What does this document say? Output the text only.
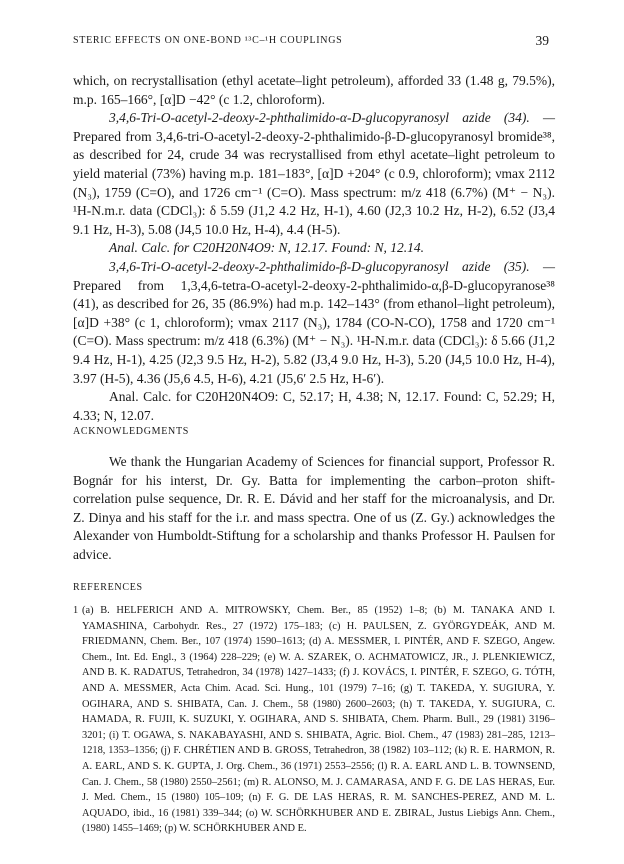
STERIC EFFECTS ON ONE-BOND ¹³C–¹H COUPLINGS	39

which, on recrystallisation (ethyl acetate–light petroleum), afforded 33 (1.48 g, 79.5%), m.p. 165–166°, [α]D −42° (c 1.2, chloroform).

3,4,6-Tri-O-acetyl-2-deoxy-2-phthalimido-α-D-glucopyranosyl azide (34). — Prepared from 3,4,6-tri-O-acetyl-2-deoxy-2-phthalimido-β-D-glucopyranosyl bromide³⁸, as described for 24, crude 34 was recrystallised from ethyl acetate–light petroleum to yield material (73%) having m.p. 181–183°, [α]D +204° (c 0.9, chloroform); νmax 2112 (N₃), 1759 (C=O), and 1726 cm⁻¹ (C=O). Mass spectrum: m/z 418 (6.7%) (M⁺ − N₃). ¹H-N.m.r. data (CDCl₃): δ 5.59 (J1,2 4.2 Hz, H-1), 4.60 (J2,3 10.2 Hz, H-2), 6.52 (J3,4 9.1 Hz, H-3), 5.08 (J4,5 10.0 Hz, H-4), 4.4 (H-5).

Anal. Calc. for C20H20N4O9: N, 12.17. Found: N, 12.14.

3,4,6-Tri-O-acetyl-2-deoxy-2-phthalimido-β-D-glucopyranosyl azide (35). — Prepared from 1,3,4,6-tetra-O-acetyl-2-deoxy-2-phthalimido-α,β-D-glucopyranose³⁸ (41), as described for 26, 35 (86.9%) had m.p. 142–143° (from ethanol–light petroleum), [α]D +38° (c 1, chloroform); νmax 2117 (N₃), 1784 (CO-N-CO), 1758 and 1720 cm⁻¹ (C=O). Mass spectrum: m/z 418 (6.3%) (M⁺ − N₃). ¹H-N.m.r. data (CDCl₃): δ 5.66 (J1,2 9.4 Hz, H-1), 4.25 (J2,3 9.5 Hz, H-2), 5.82 (J3,4 9.0 Hz, H-3), 5.20 (J4,5 10.0 Hz, H-4), 3.97 (H-5), 4.36 (J5,6 4.5, H-6), 4.21 (J5,6′ 2.5 Hz, H-6′).

Anal. Calc. for C20H20N4O9: C, 52.17; H, 4.38; N, 12.17. Found: C, 52.29; H, 4.33; N, 12.07.

ACKNOWLEDGMENTS

We thank the Hungarian Academy of Sciences for financial support, Professor R. Bognár for his interst, Dr. Gy. Batta for implementing the carbon–proton shift-correlation pulse sequence, Dr. R. E. Dávid and her staff for the microanalysis, and Dr. Z. Dinya and his staff for the i.r. and mass spectra. One of us (Z. Gy.) acknowledges the Alexander von Humboldt-Stiftung for a scholarship and thanks Professor H. Paulsen for advice.

REFERENCES
1 (a) B. HELFERICH AND A. MITROWSKY, Chem. Ber., 85 (1952) 1–8; (b) M. TANAKA AND I. YAMASHINA, Carbohydr. Res., 27 (1972) 175–183; (c) H. PAULSEN, Z. GYÖRGYDEÁK, AND M. FRIEDMANN, Chem. Ber., 107 (1974) 1590–1613; (d) A. MESSMER, I. PINTÉR, AND F. SZEGO, Angew. Chem., Int. Ed. Engl., 3 (1964) 228–229; (e) W. A. SZAREK, O. ACHMATOWICZ, JR., J. PLENKIEWICZ, AND B. K. RADATUS, Tetrahedron, 34 (1978) 1427–1433; (f) J. KOVÁCS, I. PINTÉR, F. SZEGO, G. TÓTH, AND A. MESSMER, Acta Chim. Acad. Sci. Hung., 101 (1979) 7–16; (g) T. TAKEDA, Y. SUGIURA, Y. OGIHARA, AND S. SHIBATA, Can. J. Chem., 58 (1980) 2600–2603; (h) T. TAKEDA, Y. SUGIURA, C. HAMADA, R. FUJII, K. SUZUKI, Y. OGIHARA, AND S. SHIBATA, Chem. Pharm. Bull., 29 (1981) 3196–3201; (i) T. OGAWA, S. NAKABAYASHI, AND S. SHIBATA, Agric. Biol. Chem., 47 (1983) 281–285, 1213–1218, 1353–1356; (j) F. CHRÉTIEN AND B. GROSS, Tetrahedron, 38 (1982) 103–112; (k) R. E. HARMON, R. A. EARL, AND S. K. GUPTA, J. Org. Chem., 36 (1971) 2553–2556; (l) R. A. EARL AND L. B. TOWNSEND, Can. J. Chem., 58 (1980) 2550–2561; (m) R. ALONSO, M. J. CAMARASA, AND F. G. DE LAS HERAS, Eur. J. Med. Chem., 15 (1980) 105–109; (n) F. G. DE LAS HERAS, R. M. SANCHES-PEREZ, AND M. L. AQUADO, ibid., 16 (1981) 339–344; (o) W. SCHÖRKHUBER AND E. ZBIRAL, Justus Liebigs Ann. Chem., (1980) 1455–1469; (p) W. SCHÖRKHUBER AND E.
